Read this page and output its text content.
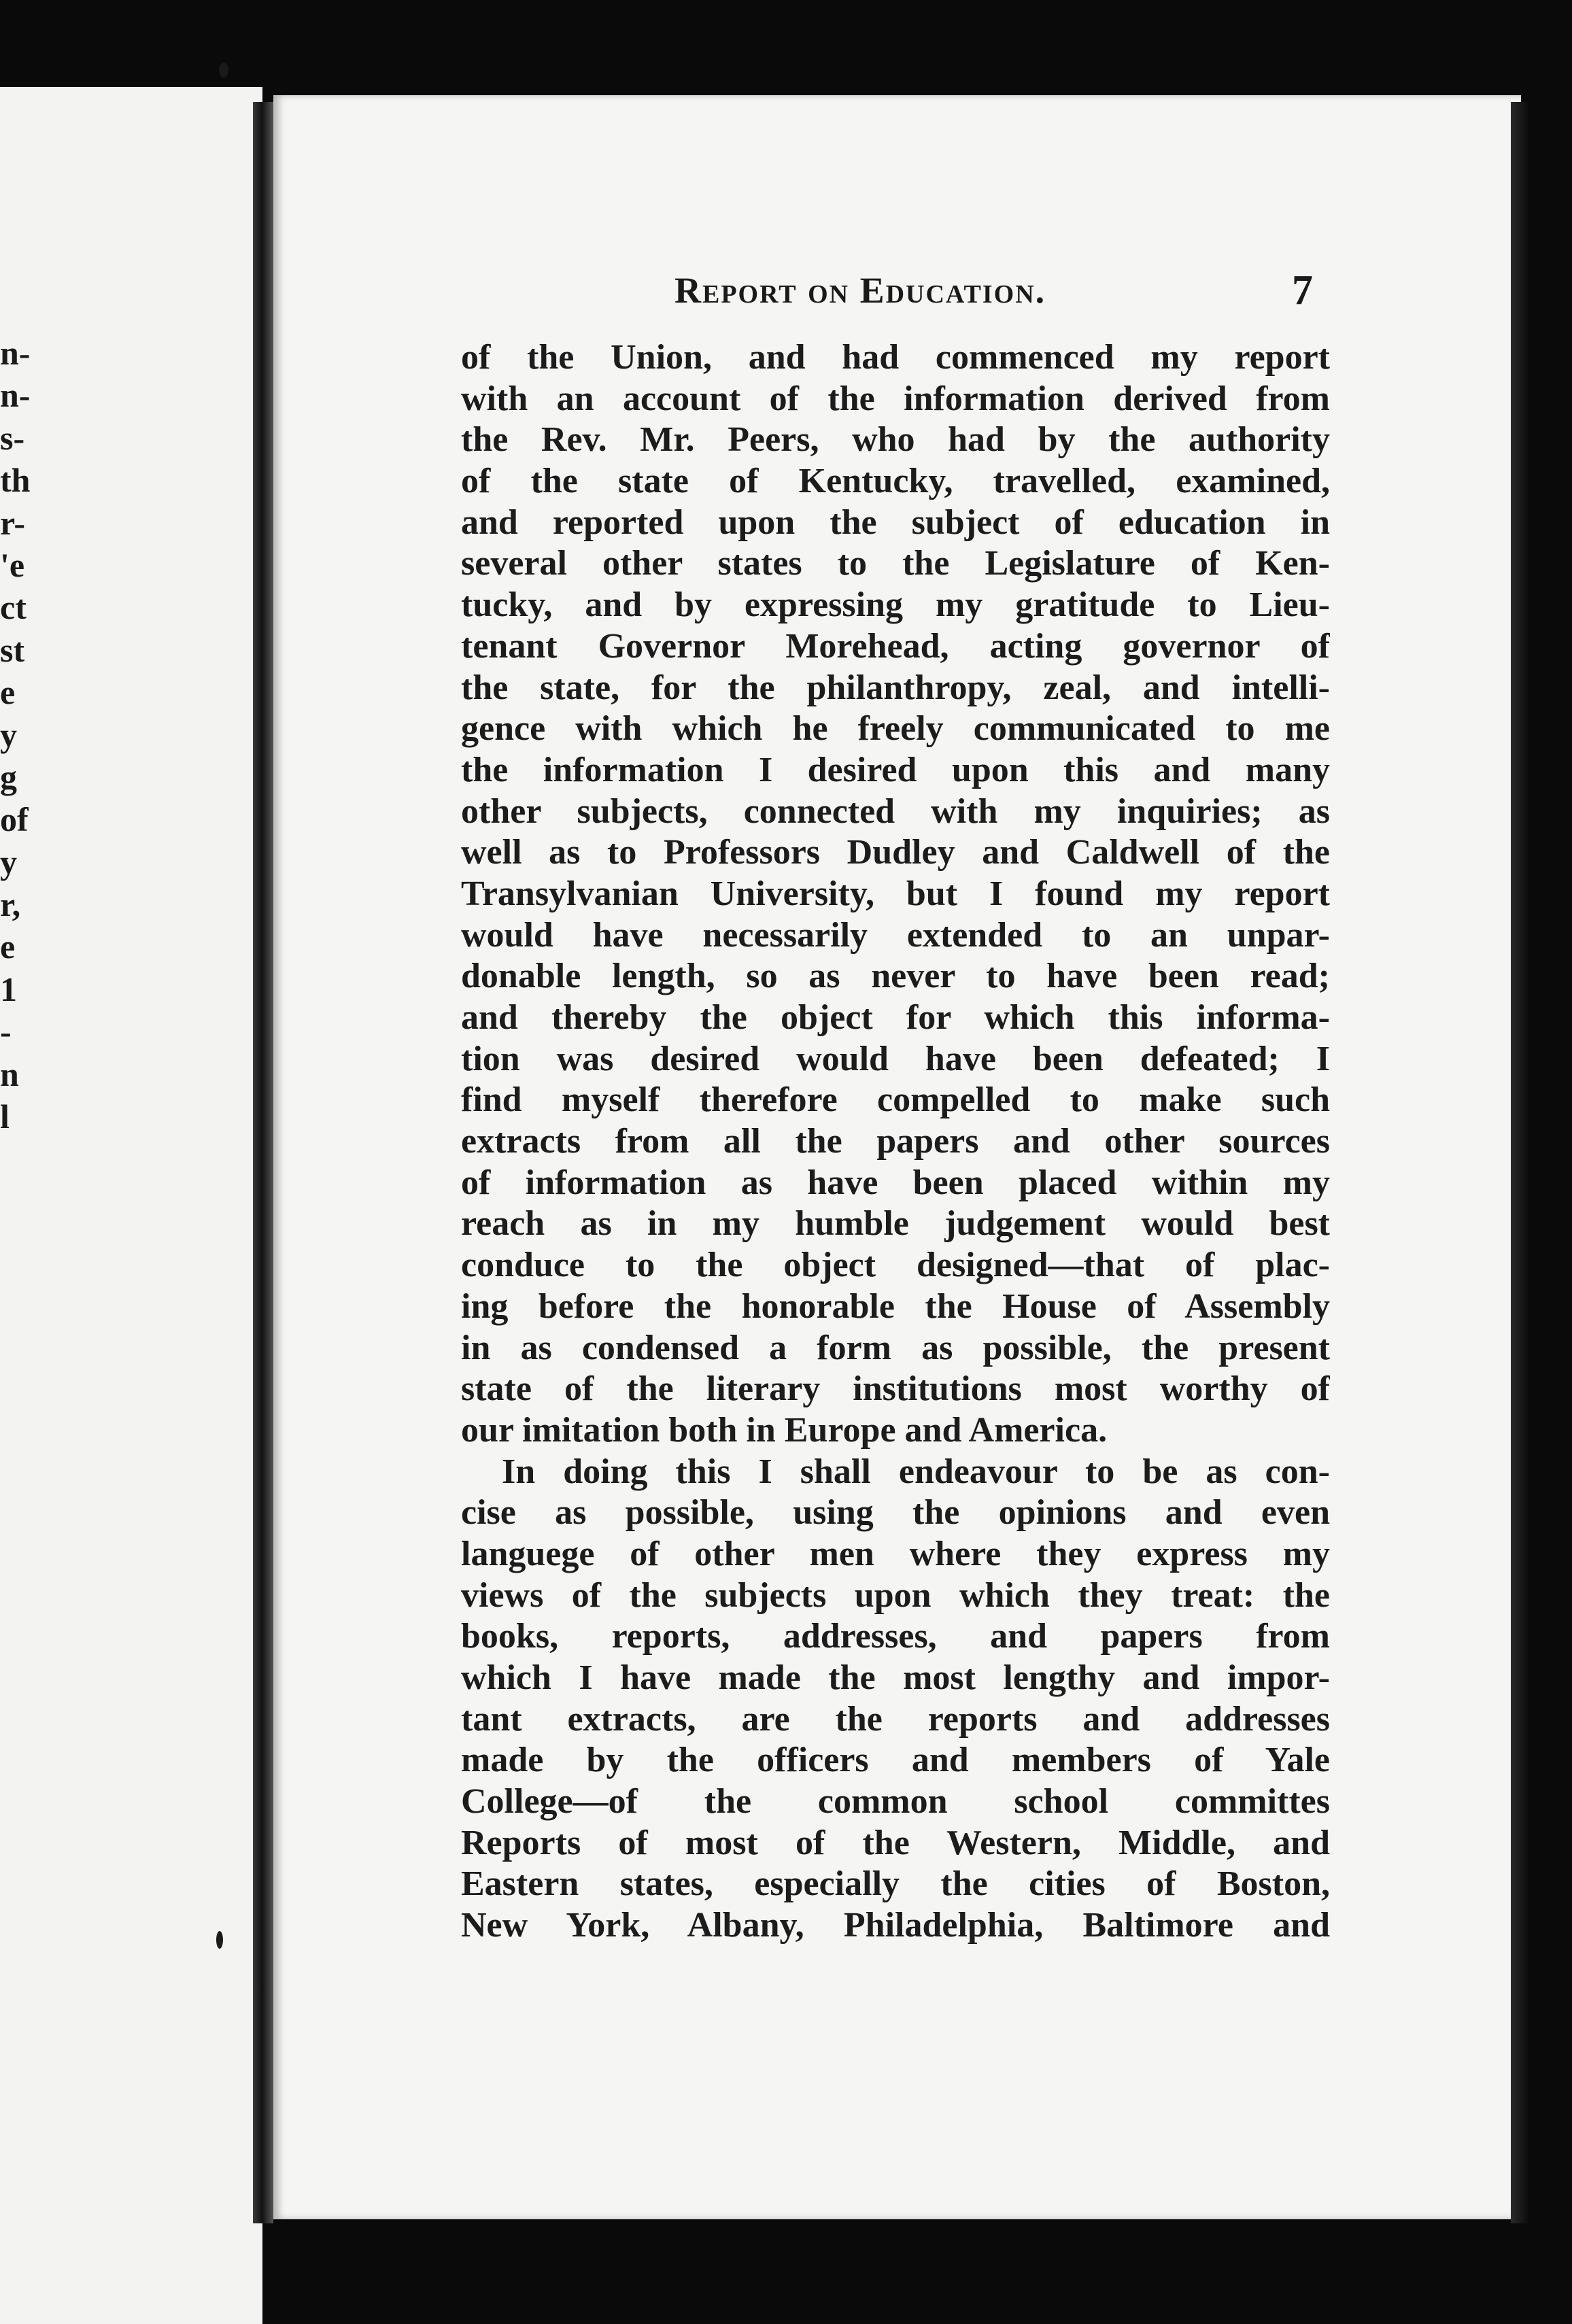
n-
n-
s-
th
r-
'e
ct
st
e
y
g
of
y
r,
e
1
-
n
l
Report on Education.	7
of the Union, and had commenced my report
with an account of the information derived from
the Rev. Mr. Peers, who had by the authority
of the state of Kentucky, travelled, examined,
and reported upon the subject of education in
several other states to the Legislature of Ken-
tucky, and by expressing my gratitude to Lieu-
tenant Governor Morehead, acting governor of
the state, for the philanthropy, zeal, and intelli-
gence with which he freely communicated to me
the information I desired upon this and many
other subjects, connected with my inquiries; as
well as to Professors Dudley and Caldwell of the
Transylvanian University, but I found my report
would have necessarily extended to an unpar-
donable length, so as never to have been read;
and thereby the object for which this informa-
tion was desired would have been defeated; I
find myself therefore compelled to make such
extracts from all the papers and other sources
of information as have been placed within my
reach as in my humble judgement would best
conduce to the object designed—that of plac-
ing before the honorable the House of Assembly
in as condensed a form as possible, the present
state of the literary institutions most worthy of
our imitation both in Europe and America.
In doing this I shall endeavour to be as con-
cise as possible, using the opinions and even
languege of other men where they express my
views of the subjects upon which they treat: the
books, reports, addresses, and papers from
which I have made the most lengthy and impor-
tant extracts, are the reports and addresses
made by the officers and members of Yale
College—of the common school committes
Reports of most of the Western, Middle, and
Eastern states, especially the cities of Boston,
New York, Albany, Philadelphia, Baltimore and
